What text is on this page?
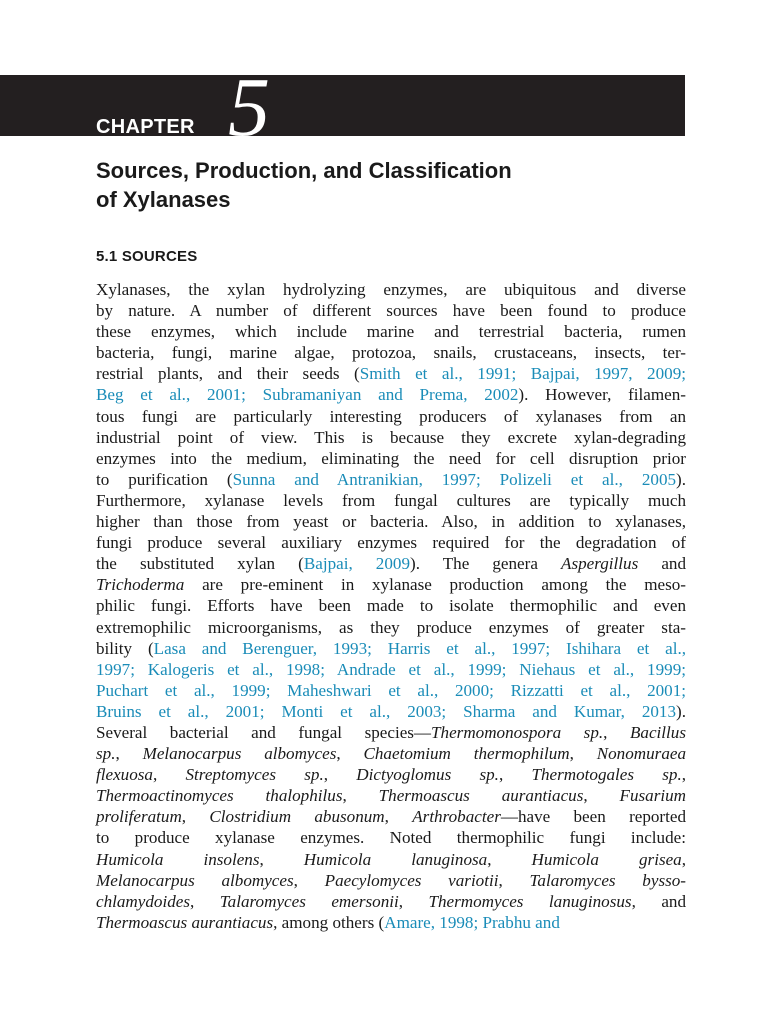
CHAPTER 5
Sources, Production, and Classification
of Xylanases
5.1 SOURCES
Xylanases, the xylan hydrolyzing enzymes, are ubiquitous and diverse
by nature. A number of different sources have been found to produce
these enzymes, which include marine and terrestrial bacteria, rumen
bacteria, fungi, marine algae, protozoa, snails, crustaceans, insects, ter-
restrial plants, and their seeds (Smith et al., 1991; Bajpai, 1997, 2009;
Beg et al., 2001; Subramaniyan and Prema, 2002). However, filamen-
tous fungi are particularly interesting producers of xylanases from an
industrial point of view. This is because they excrete xylan-degrading
enzymes into the medium, eliminating the need for cell disruption prior
to purification (Sunna and Antranikian, 1997; Polizeli et al., 2005).
Furthermore, xylanase levels from fungal cultures are typically much
higher than those from yeast or bacteria. Also, in addition to xylanases,
fungi produce several auxiliary enzymes required for the degradation of
the substituted xylan (Bajpai, 2009). The genera Aspergillus and
Trichoderma are pre-eminent in xylanase production among the meso-
philic fungi. Efforts have been made to isolate thermophilic and even
extremophilic microorganisms, as they produce enzymes of greater sta-
bility (Lasa and Berenguer, 1993; Harris et al., 1997; Ishihara et al.,
1997; Kalogeris et al., 1998; Andrade et al., 1999; Niehaus et al., 1999;
Puchart et al., 1999; Maheshwari et al., 2000; Rizzatti et al., 2001;
Bruins et al., 2001; Monti et al., 2003; Sharma and Kumar, 2013).
Several bacterial and fungal species—Thermomonospora sp., Bacillus
sp., Melanocarpus albomyces, Chaetomium thermophilum, Nonomuraea
flexuosa, Streptomyces sp., Dictyoglomus sp., Thermotogales sp.,
Thermoactinomyces thalophilus, Thermoascus aurantiacus, Fusarium
proliferatum, Clostridium abusonum, Arthrobacter—have been reported
to produce xylanase enzymes. Noted thermophilic fungi include:
Humicola insolens, Humicola lanuginosa, Humicola grisea,
Melanocarpus albomyces, Paecylomyces variotii, Talaromyces bysso-
chlamydoides, Talaromyces emersonii, Thermomyces lanuginosus, and
Thermoascus aurantiacus, among others (Amare, 1998; Prabhu and
